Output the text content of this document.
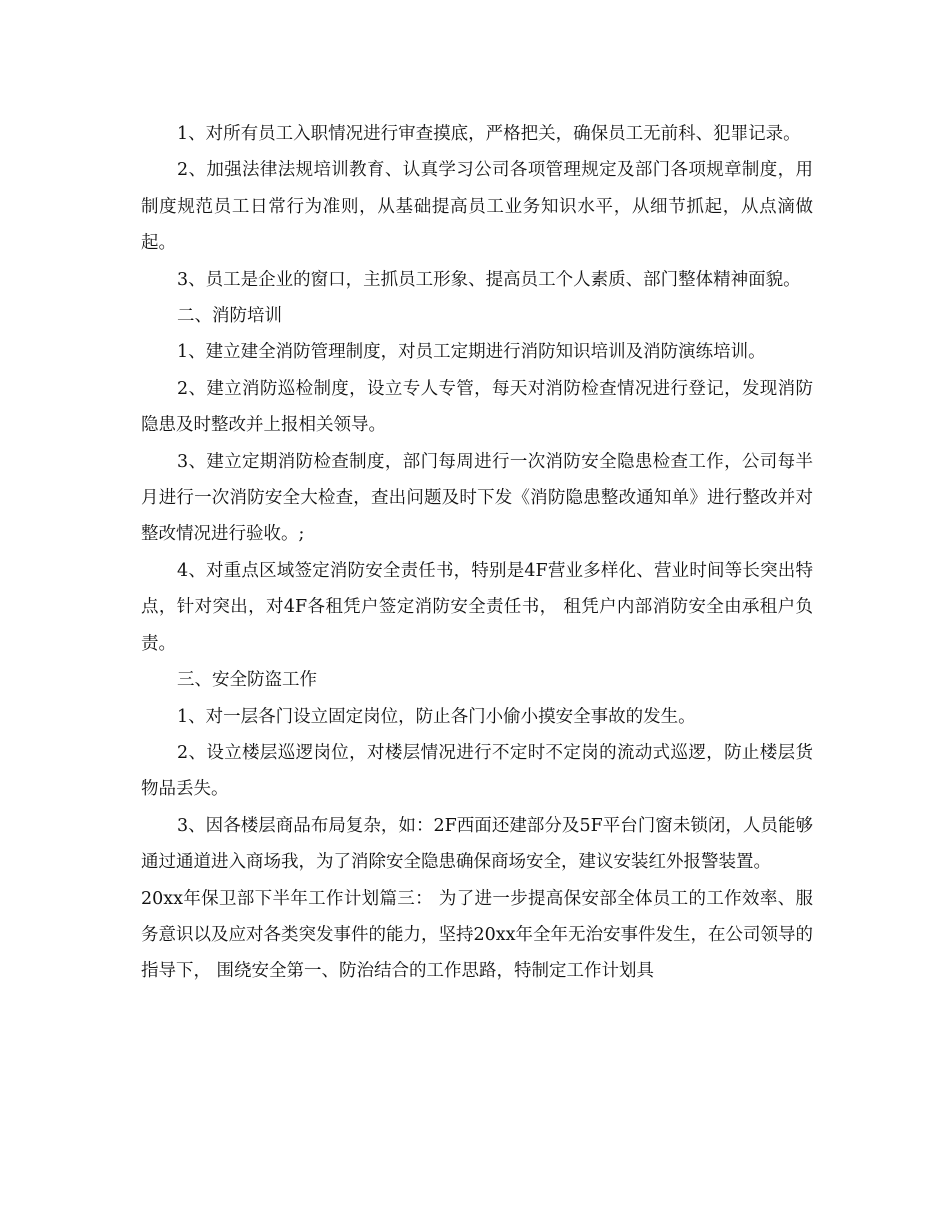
1、对所有员工入职情况进行审查摸底，严格把关，确保员工无前科、犯罪记录。

2、加强法律法规培训教育、认真学习公司各项管理规定及部门各项规章制度，用制度规范员工日常行为准则，从基础提高员工业务知识水平，从细节抓起，从点滴做起。

3、员工是企业的窗口，主抓员工形象、提高员工个人素质、部门整体精神面貌。

二、消防培训

1、建立建全消防管理制度，对员工定期进行消防知识培训及消防演练培训。

2、建立消防巡检制度，设立专人专管，每天对消防检查情况进行登记，发现消防隐患及时整改并上报相关领导。

3、建立定期消防检查制度，部门每周进行一次消防安全隐患检查工作，公司每半月进行一次消防安全大检查，查出问题及时下发《消防隐患整改通知单》进行整改并对整改情况进行验收。;

4、对重点区域签定消防安全责任书，特别是4F营业多样化、营业时间等长突出特点，针对突出，对4F各租凭户签定消防安全责任书， 租凭户内部消防安全由承租户负责。

三、安全防盗工作

1、对一层各门设立固定岗位，防止各门小偷小摸安全事故的发生。

2、设立楼层巡逻岗位，对楼层情况进行不定时不定岗的流动式巡逻，防止楼层货物品丢失。

3、因各楼层商品布局复杂，如：2F西面还建部分及5F平台门窗未锁闭，人员能够通过通道进入商场我，为了消除安全隐患确保商场安全，建议安装红外报警装置。

20xx年保卫部下半年工作计划篇三： 为了进一步提高保安部全体员工的工作效率、服务意识以及应对各类突发事件的能力，坚持20xx年全年无治安事件发生，在公司领导的指导下， 围绕安全第一、防治结合的工作思路，特制定工作计划具
